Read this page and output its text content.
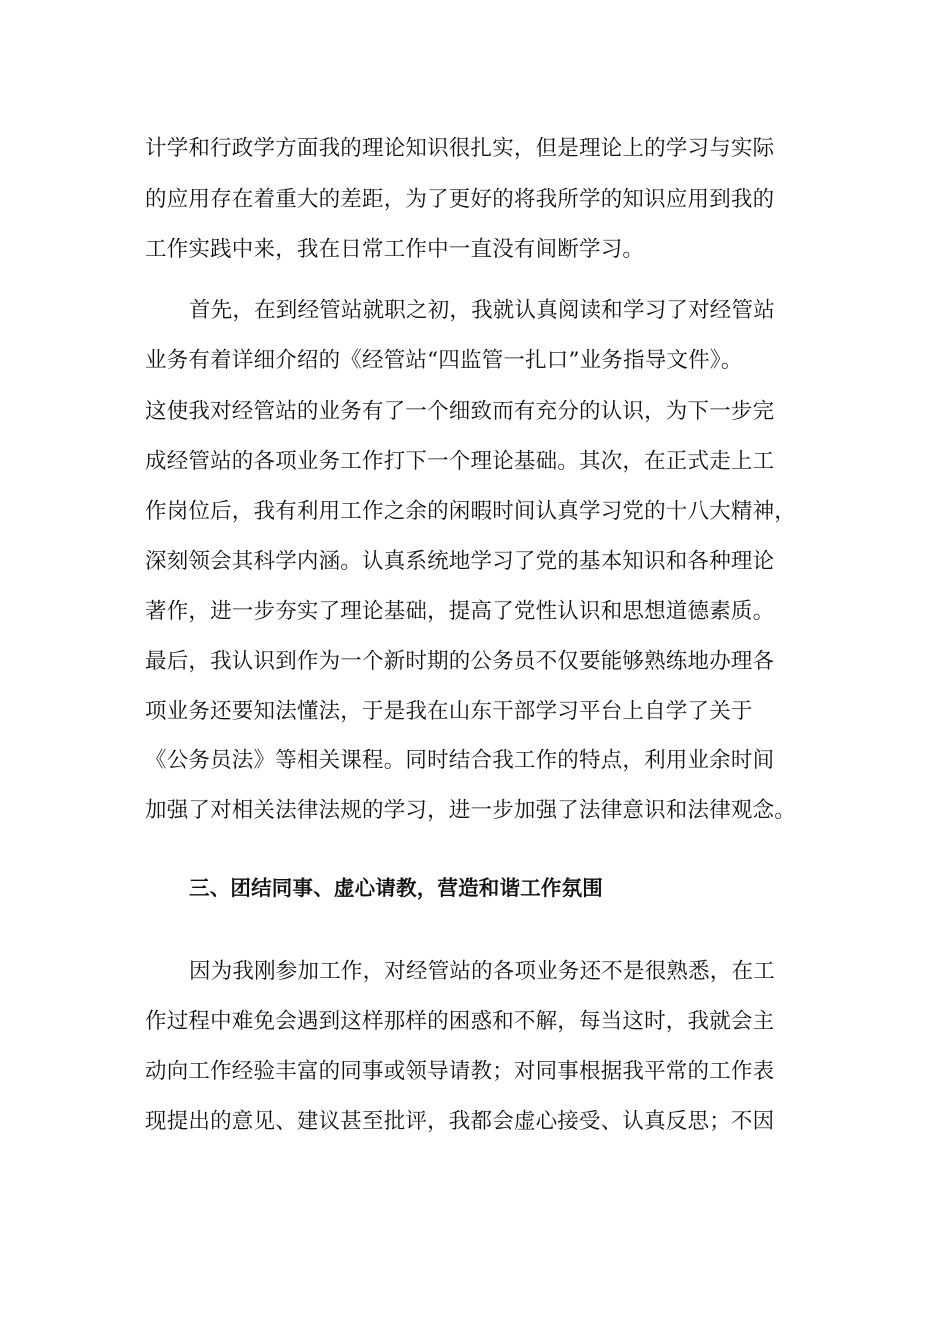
计学和行政学方面我的理论知识很扎实，但是理论上的学习与实际
的应用存在着重大的差距，为了更好的将我所学的知识应用到我的
工作实践中来，我在日常工作中一直没有间断学习。
首先，在到经管站就职之初，我就认真阅读和学习了对经管站
业务有着详细介绍的《经管站“四监管一扎口”业务指导文件》。
这使我对经管站的业务有了一个细致而有充分的认识，为下一步完
成经管站的各项业务工作打下一个理论基础。其次，在正式走上工
作岗位后，我有利用工作之余的闲暇时间认真学习党的十八大精神，
深刻领会其科学内涵。认真系统地学习了党的基本知识和各种理论
著作，进一步夯实了理论基础，提高了党性认识和思想道德素质。
最后，我认识到作为一个新时期的公务员不仅要能够熟练地办理各
项业务还要知法懂法，于是我在山东干部学习平台上自学了关于
《公务员法》等相关课程。同时结合我工作的特点，利用业余时间
加强了对相关法律法规的学习，进一步加强了法律意识和法律观念。
三、团结同事、虚心请教，营造和谐工作氛围
因为我刚参加工作，对经管站的各项业务还不是很熟悉，在工
作过程中难免会遇到这样那样的困惑和不解，每当这时，我就会主
动向工作经验丰富的同事或领导请教；对同事根据我平常的工作表
现提出的意见、建议甚至批评，我都会虚心接受、认真反思；不因
